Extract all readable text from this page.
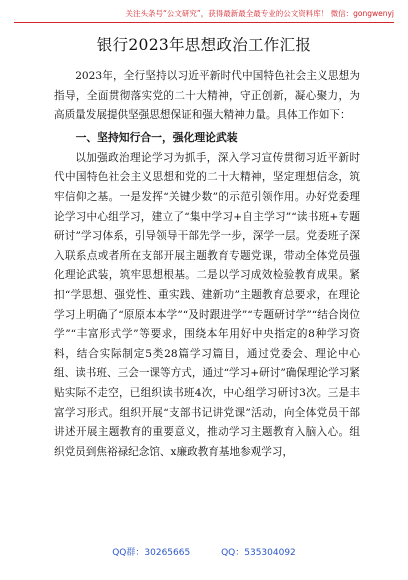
关注头条号“公文研究”，获得最新最全最专业的公文资料库！ 微信：gongwenyj
银行2023年思想政治工作汇报

2023年，全行坚持以习近平新时代中国特色社会主义思想为指导，全面贯彻落实党的二十大精神，守正创新，凝心聚力，为高质量发展提供坚强思想保证和强大精神力量。具体工作如下：

一、坚持知行合一，强化理论武装

以加强政治理论学习为抓手，深入学习宣传贯彻习近平新时代中国特色社会主义思想和党的二十大精神，坚定理想信念，筑牢信仰之基。一是发挥“关键少数”的示范引领作用。办好党委理论学习中心组学习，建立了“集中学习+自主学习”“读书班+专题研讨”学习体系，引导领导干部先学一步，深学一层。党委班子深入联系点或者所在支部开展主题教育专题党课，带动全体党员强化理论武装，筑牢思想根基。二是以学习成效检验教育成果。紧扣“学思想、强党性、重实践、建新功”主题教育总要求，在理论学习上明确了“原原本本学”“及时跟进学”“专题研讨学”“结合岗位学”“丰富形式学”等要求，围绕本年用好中央指定的8种学习资料，结合实际制定5类28篇学习篇目，通过党委会、理论中心组、读书班、三会一课等方式，通过“学习+研讨”确保理论学习紧贴实际不走空，已组织读书班4次，中心组学习研讨3次。三是丰富学习形式。组织开展“支部书记讲党课”活动，向全体党员干部讲述开展主题教育的重要意义，推动学习主题教育入脑入心。组织党员到焦裕禄纪念馆、x廉政教育基地参观学习，

QQ群：30265665	QQ：535304092
